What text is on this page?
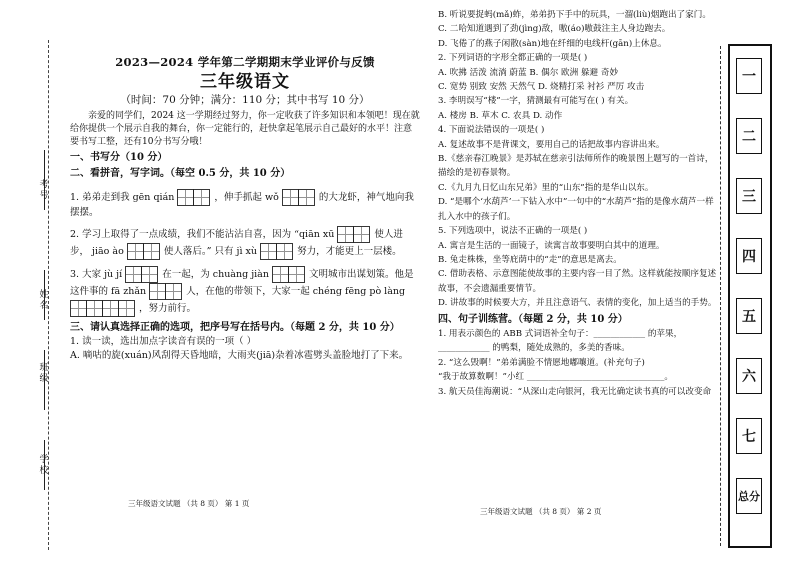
考号
姓名
班级
学校
2023—2024 学年第二学期期末学业评价与反馈
三年级语文
（时间：70 分钟；满分：110 分；其中书写 10 分）
亲爱的同学们，2024 这一学期经过努力，你一定收获了许多知识和本领吧！现在就给你提供一个展示自我的舞台，你一定能行的，赶快拿起笔展示自己最好的水平！注意要书写工整，还有10分书写分哦！
一、书写分（10 分）
二、看拼音，写字词。（每空 0.5 分，共 10 分）
1. 弟弟走到我 gēn qián	，伸手抓起 wǒ	的大龙虾，神气地向我摆摆。
2. 学习上取得了一点成绩，我们不能沾沾自喜，因为 “qiān xū	使人进步， jiāo ào	使人落后。” 只有 jì xù	努力，才能更上一层楼。
3. 大家 jù jí	在一起，为 chuàng jiàn	文明城市出谋划策。他是这件事的 fā zhǎn	人，在他的带领下，大家一起 chéng fēng pò làng
，努力前行。
三、请认真选择正确的选项，把序号写在括号内。（每题 2 分，共 10 分）
1. 读一读，选出加点字读音有误的一项（ ）
A. 嘀咕的旋(xuán)风刮得天昏地暗，大雨夹(jiā)杂着冰雹劈头盖脸地打了下来。
三年级语文试题 （共 8 页） 第 1 页
B. 听说要捉蚂(mǎ)蚱，弟弟扔下手中的玩具，一溜(liù)烟跑出了家门。
C. 二哈知道遇到了劲(jìng)敌，嗷(áo)嗷鼓注主人身边跑去。
D. 飞倦了的燕子闲散(sàn)地在纤细的电线杆(gān)上休息。
2. 下列词语的字形全都正确的一项是( )
A. 吹拂 活泼 流淌 蔚蓝 B. 偶尔 欧洲 躲避 奇妙
C. 宽势 别致 安然 天然气 D. 烧精打采 衬衫 严厉 攻击
3. 李明误写“楼”一字，猜测最有可能写在( ) 有关。
A. 楼房 B. 草木 C. 农具 D. 动作
4. 下面说法错误的一项是( )
A. 复述故事不是背课文，要用自己的话把故事内容讲出来。
B.《慈亲春江晚景》是苏轼在慈亲引法师所作的晚景图上题写的一首诗，描绘的是初春景物。
C.《九月九日忆山东兄弟》里的“山东”指的是华山以东。
D. “是哪个‘水葫芦’一下钻入水中”一句中的“水葫芦”指的是像水葫芦一样扎入水中的孩子们。
5. 下列选项中，说法不正确的一项是( )
A. 寓言是生活的一面镜子，读寓言故事要明白其中的道理。
B. 兔走株株，坐等庇荫中的“走”的意思是离去。
C. 借助表格、示意图能使故事的主要内容一目了然。这样就能按顺序复述故事，不会遗漏重要情节。
D. 讲故事的时候要大方，并且注意语气、表情的变化，加上适当的手势。
四、句子训练营。（每题 2 分，共 10 分）
1. 用表示颜色的 ABB 式词语补全句子：____________ 的苹果，____________ 的鸭梨，随处成熟的，多美的香味。
2. “这么毁啊！”弟弟满脸不情愿地嘟嚷道。(补充句子)
“我于故算数啊！”小红 ________________________________。
3. 航天员佳海潮说：“从深山走向银河，我无比确定读书真的可以改变命
三年级语文试题 （共 8 页） 第 2 页
一
二
三
四
五
六
七
总分
